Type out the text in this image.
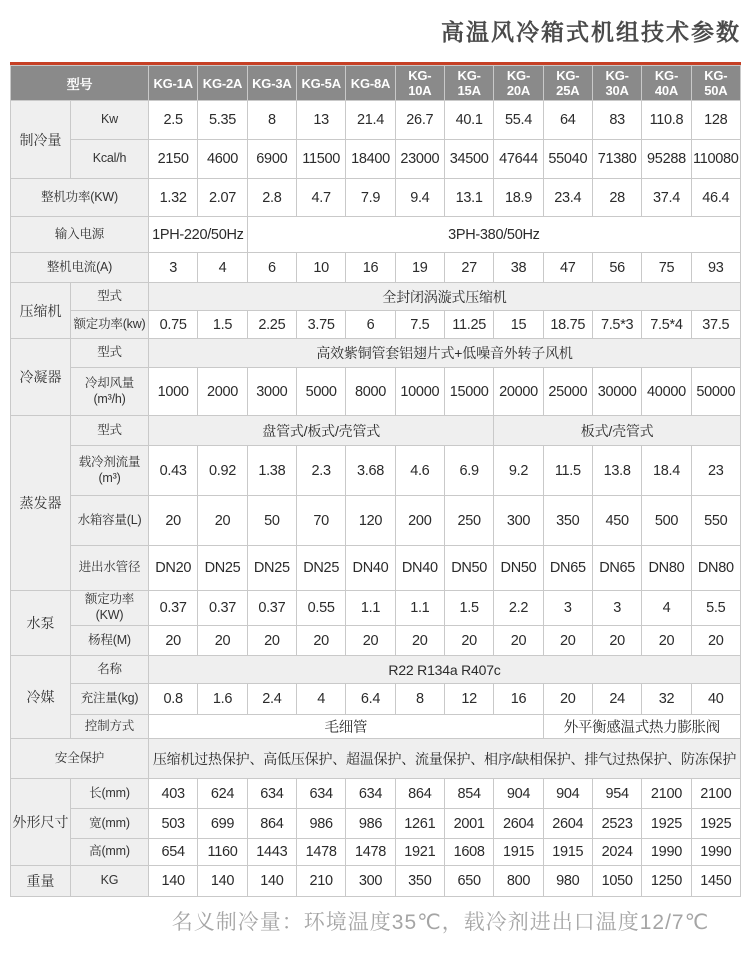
高温风冷箱式机组技术参数
型号		KG-1A	KG-2A	KG-3A	KG-5A	KG-8A	KG-10A	KG-15A	KG-20A	KG-25A	KG-30A	KG-40A	KG-50A
制冷量	Kw	2.5	5.35	8	13	21.4	26.7	40.1	55.4	64	83	110.8	128
	Kcal/h	2150	4600	6900	11500	18400	23000	34500	47644	55040	71380	95288	110080
整机功率(KW)		1.32	2.07	2.8	4.7	7.9	9.4	13.1	18.9	23.4	28	37.4	46.4
输入电源		1PH-220/50Hz		3PH-380/50Hz									
整机电流(A)		3	4	6	10	16	19	27	38	47	56	75	93
压缩机	型式	全封闭涡漩式压缩机											
	额定功率(kw)	0.75	1.5	2.25	3.75	6	7.5	11.25	15	18.75	7.5*3	7.5*4	37.5
冷凝器	型式	高效紫铜管套铝翅片式+低噪音外转子风机											
	冷却风量(m³/h)	1000	2000	3000	5000	8000	10000	15000	20000	25000	30000	40000	50000
蒸发器	型式	盘管式/板式/壳管式							板式/壳管式				
	载冷剂流量(m³)	0.43	0.92	1.38	2.3	3.68	4.6	6.9	9.2	11.5	13.8	18.4	23
	水箱容量(L)	20	20	50	70	120	200	250	300	350	450	500	550
	进出水管径	DN20	DN25	DN25	DN25	DN40	DN40	DN50	DN50	DN65	DN65	DN80	DN80
水泵	额定功率(KW)	0.37	0.37	0.37	0.55	1.1	1.1	1.5	2.2	3	3	4	5.5
	杨程(M)	20	20	20	20	20	20	20	20	20	20	20	20
冷媒	名称	R22 R134a R407c											
	充注量(kg)	0.8	1.6	2.4	4	6.4	8	12	16	20	24	32	40
	控制方式	毛细管								外平衡感温式热力膨胀阀			
安全保护		压缩机过热保护、高低压保护、超温保护、流量保护、相序/缺相保护、排气过热保护、防冻保护											
外形尺寸	长(mm)	403	624	634	634	634	864	854	904	904	954	2100	2100
	宽(mm)	503	699	864	986	986	1261	2001	2604	2604	2523	1925	1925
	高(mm)	654	1160	1443	1478	1478	1921	1608	1915	1915	2024	1990	1990
重量	KG	140	140	140	210	300	350	650	800	980	1050	1250	1450
名义制冷量：环境温度35℃，载冷剂进出口温度12/7℃
